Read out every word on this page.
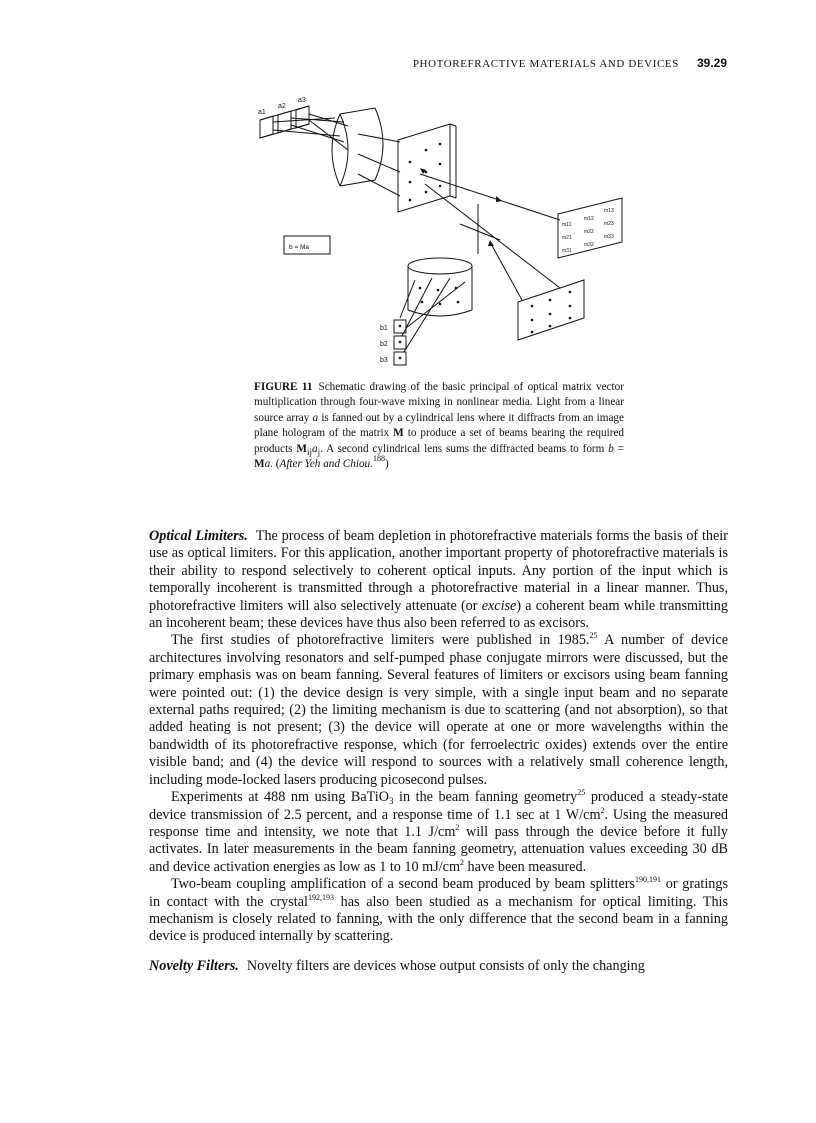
PHOTOREFRACTIVE MATERIALS AND DEVICES 39.29
a1
a2
a3
b = Ma
b1
b2
b3
m11
m12
m13
m21
m22
m23
m31
m32
m33
FIGURE 11 Schematic drawing of the basic principal of optical matrix vector multiplication through four-wave mixing in nonlinear media. Light from a linear source array a is fanned out by a cylindrical lens where it diffracts from an image plane hologram of the matrix M to produce a set of beams bearing the required products $M_{ij}a_j$. A second cylindrical lens sums the diffracted beams to form b = Ma. (After Yeh and Chiou.$^{188}$)

Optical Limiters. The process of beam depletion in photorefractive materials forms the basis of their use as optical limiters. For this application, another important property of photorefractive materials is their ability to respond selectively to coherent optical inputs. Any portion of the input which is temporally incoherent is transmitted through a photorefractive material in a linear manner. Thus, photorefractive limiters will also selectively attenuate (or excise) a coherent beam while transmitting an incoherent beam; these devices have thus also been referred to as excisors.

The first studies of photorefractive limiters were published in 1985.25 A number of device architectures involving resonators and self-pumped phase conjugate mirrors were discussed, but the primary emphasis was on beam fanning. Several features of limiters or excisors using beam fanning were pointed out: (1) the device design is very simple, with a single input beam and no separate external paths required; (2) the limiting mechanism is due to scattering (and not absorption), so that added heating is not present; (3) the device will operate at one or more wavelengths within the bandwidth of its photorefractive response, which (for ferroelectric oxides) extends over the entire visible band; and (4) the device will respond to sources with a relatively small coherence length, including mode-locked lasers producing picosecond pulses.

Experiments at 488 nm using BaTiO$_3$ in the beam fanning geometry$^{25}$ produced a steady-state device transmission of 2.5 percent, and a response time of 1.1 sec at 1 $W/cm^2$. Using the measured response time and intensity, we note that 1.1 $J/cm^2$ will pass through the device before it fully activates. In later measurements in the beam fanning geometry, attenuation values exceeding 30 dB and device activation energies as low as 1 to 10 $mJ/cm^2$ have been measured.

Two-beam coupling amplification of a second beam produced by beam splitters$^{190,191}$ or gratings in contact with the crystal$^{192,193}$ has also been studied as a mechanism for optical limiting. This mechanism is closely related to fanning, with the only difference that the second beam in a fanning device is produced internally by scattering.

Novelty Filters. Novelty filters are devices whose output consists of only the changing
